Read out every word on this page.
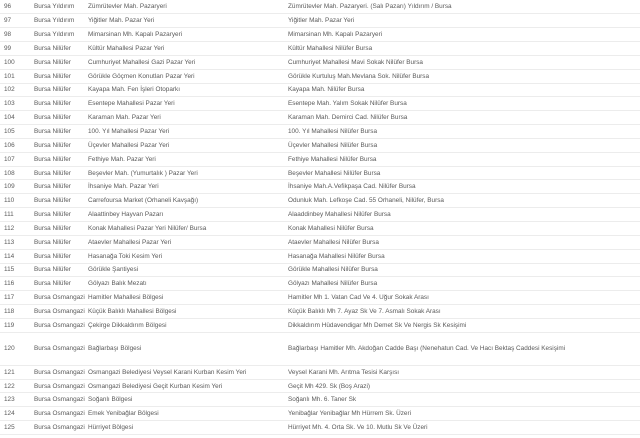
96	Bursa Yıldırım	Zümrütevler Mah. Pazaryeri	Zümrütevler Mah. Pazaryeri. (Salı Pazarı) Yıldırım / Bursa
97	Bursa Yıldırım	Yiğitler Mah. Pazar Yeri	Yiğitler Mah. Pazar Yeri
98	Bursa Yıldırım	Mimarsinan Mh. Kapalı Pazaryeri	Mimarsinan Mh. Kapalı Pazaryeri
99	Bursa Nilüfer	Kültür Mahallesi Pazar Yeri	Kültür Mahallesi Nilüfer Bursa
100	Bursa Nilüfer	Cumhuriyet Mahallesi Gazi Pazar Yeri	Cumhuriyet Mahallesi Mavi Sokak Nilüfer Bursa
101	Bursa Nilüfer	Görükle Göçmen Konutları Pazar Yeri	Görükle Kurtuluş Mah.Mevlana Sok. Nilüfer Bursa
102	Bursa Nilüfer	Kayapa Mah. Fen İşleri Otoparkı	Kayapa Mah. Nilüfer Bursa
103	Bursa Nilüfer	Esentepe Mahallesi Pazar Yeri	Esentepe Mah. Yalım Sokak Nilüfer Bursa
104	Bursa Nilüfer	Karaman Mah. Pazar Yeri	Karaman Mah. Demirci Cad. Nilüfer Bursa
105	Bursa Nilüfer	100. Yıl Mahallesi Pazar Yeri	100. Yıl Mahallesi Nilüfer Bursa
106	Bursa Nilüfer	Üçevler Mahallesi Pazar Yeri	Üçevler Mahallesi Nilüfer Bursa
107	Bursa Nilüfer	Fethiye Mah. Pazar Yeri	Fethiye Mahallesi Nilüfer Bursa
108	Bursa Nilüfer	Beşevler Mah. (Yumurtalık ) Pazar Yeri	Beşevler Mahallesi Nilüfer Bursa
109	Bursa Nilüfer	İhsaniye Mah. Pazar Yeri	İhsaniye Mah.A.Vefikpaşa Cad. Nilüfer Bursa
110	Bursa Nilüfer	Carrefoursa Market (Orhaneli Kavşağı)	Odunluk Mah. Lefkoşe Cad. 55 Orhaneli, Nilüfer, Bursa
111	Bursa Nilüfer	Alaattinbey Hayvan Pazarı	Alaaddinbey Mahallesi Nilüfer Bursa
112	Bursa Nilüfer	Konak Mahallesi Pazar Yeri Nilüfer/ Bursa	Konak Mahallesi Nilüfer Bursa
113	Bursa Nilüfer	Ataevler Mahallesi Pazar Yeri	Ataevler Mahallesi Nilüfer Bursa
114	Bursa Nilüfer	Hasanağa Toki Kesim Yeri	Hasanağa Mahallesi Nilüfer Bursa
115	Bursa Nilüfer	Görükle Şantiyesi	Görükle Mahallesi Nilüfer Bursa
116	Bursa Nilüfer	Gölyazı Balık Mezatı	Gölyazı Mahallesi Nilüfer Bursa
117	Bursa Osmangazi	Hamitler Mahallesi Bölgesi	Hamitler Mh 1. Vatan Cad Ve 4. Uğur Sokak Arası
118	Bursa Osmangazi	Küçük Balıklı Mahallesi Bölgesi	Küçük Balıklı Mh 7. Ayaz Sk Ve 7. Asmalı Sokak Arası
119	Bursa Osmangazi	Çekirge Dikkaldırım Bölgesi	Dikkaldırım Hüdavendigar Mh Demet Sk Ve Nergis Sk Kesişimi
120	Bursa Osmangazi	Bağlarbaşı Bölgesi	Bağlarbaşı Hamitler Mh. Akdoğan Cadde Başı (Nenehatun Cad. Ve Hacı Bektaş Caddesi Kesişimi
121	Bursa Osmangazi	Osmangazi Belediyesi Veysel Karani Kurban Kesim Yeri	Veysel Karani Mh. Arıtma Tesisi Karşısı
122	Bursa Osmangazi	Osmangazi Belediyesi Geçit Kurban Kesim Yeri	Geçit Mh 429. Sk (Boş Arazi)
123	Bursa Osmangazi	Soğanlı Bölgesi	Soğanlı Mh. 6. Taner Sk
124	Bursa Osmangazi	Emek Yenibağlar Bölgesi	Yenibağlar Yenibağlar Mh Hürrem Sk. Üzeri
125	Bursa Osmangazi	Hürriyet Bölgesi	Hürriyet Mh. 4. Orta Sk. Ve 10. Mutlu Sk Ve Üzeri
